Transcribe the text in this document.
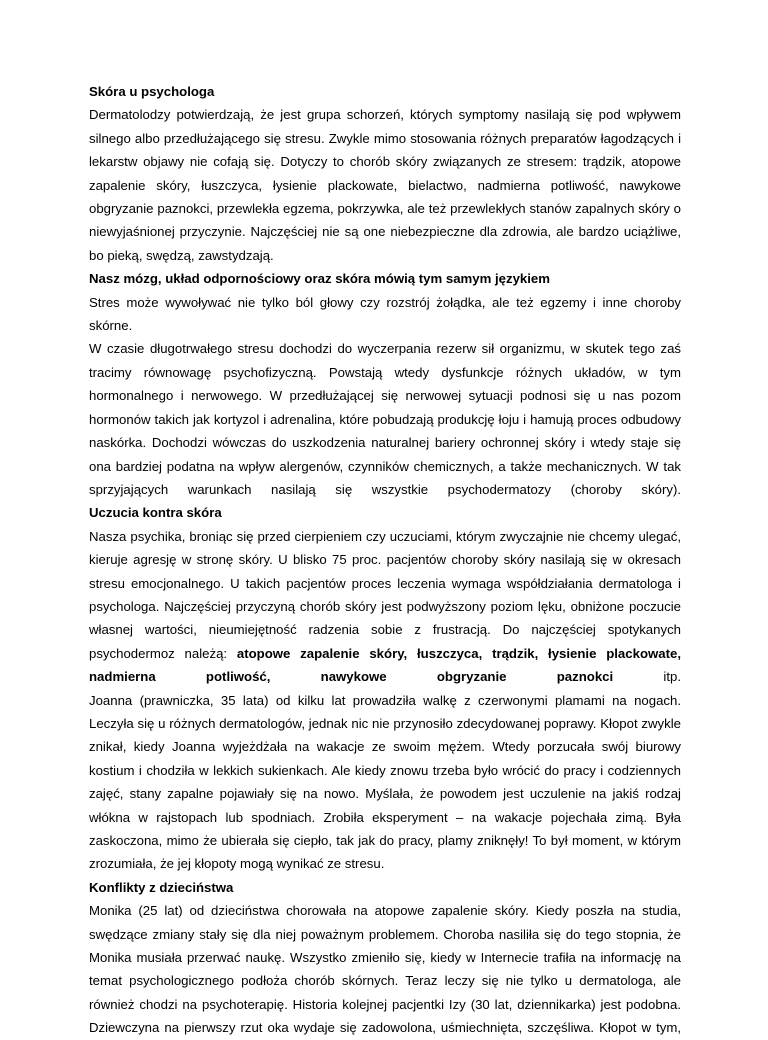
Skóra u psychologa
Dermatolodzy potwierdzają, że jest grupa schorzeń, których symptomy nasilają się pod wpływem silnego albo przedłużającego się stresu. Zwykle mimo stosowania różnych preparatów łagodzących i lekarstw objawy nie cofają się. Dotyczy to chorób skóry związanych ze stresem: trądzik, atopowe zapalenie skóry, łuszczyca, łysienie plackowate, bielactwo, nadmierna potliwość, nawykowe obgryzanie paznokci, przewlekła egzema, pokrzywka, ale też przewlekłych stanów zapalnych skóry o niewyjaśnionej przyczynie. Najczęściej nie są one niebezpieczne dla zdrowia, ale bardzo uciążliwe, bo pieką, swędzą, zawstydzają.
Nasz mózg, układ odpornościowy oraz skóra mówią tym samym językiem
Stres może wywoływać nie tylko ból głowy czy rozstrój żołądka, ale też egzemy i inne choroby skórne.
W czasie długotrwałego stresu dochodzi do wyczerpania rezerw sił organizmu, w skutek tego zaś tracimy równowagę psychofizyczną. Powstają wtedy dysfunkcje różnych układów, w tym hormonalnego i nerwowego. W przedłużającej się nerwowej sytuacji podnosi się u nas pozom hormonów takich jak kortyzol i adrenalina, które pobudzają produkcję łoju i hamują proces odbudowy naskórka. Dochodzi wówczas do uszkodzenia naturalnej bariery ochronnej skóry i wtedy staje się ona bardziej podatna na wpływ alergenów, czynników chemicznych, a także mechanicznych. W tak sprzyjających warunkach nasilają się wszystkie psychodermatozy (choroby skóry).
Uczucia kontra skóra
Nasza psychika, broniąc się przed cierpieniem czy uczuciami, którym zwyczajnie nie chcemy ulegać, kieruje agresję w stronę skóry. U blisko 75 proc. pacjentów choroby skóry nasilają się w okresach stresu emocjonalnego. U takich pacjentów proces leczenia wymaga współdziałania dermatologa i psychologa. Najczęściej przyczyną chorób skóry jest podwyższony poziom lęku, obniżone poczucie własnej wartości, nieumiejętność radzenia sobie z frustracją. Do najczęściej spotykanych psychodermoz należą: atopowe zapalenie skóry, łuszczyca, trądzik, łysienie plackowate, nadmierna potliwość, nawykowe obgryzanie paznokci itp.
Joanna (prawniczka, 35 lata) od kilku lat prowadziła walkę z czerwonymi plamami na nogach. Leczyła się u różnych dermatologów, jednak nic nie przynosiło zdecydowanej poprawy. Kłopot zwykle znikał, kiedy Joanna wyjeżdżała na wakacje ze swoim mężem. Wtedy porzucała swój biurowy kostium i chodziła w lekkich sukienkach. Ale kiedy znowu trzeba było wrócić do pracy i codziennych zajęć, stany zapalne pojawiały się na nowo. Myślała, że powodem jest uczulenie na jakiś rodzaj włókna w rajstopach lub spodniach. Zrobiła eksperyment – na wakacje pojechała zimą. Była zaskoczona, mimo że ubierała się ciepło, tak jak do pracy, plamy zniknęły! To był moment, w którym zrozumiała, że jej kłopoty mogą wynikać ze stresu.
Konflikty z dzieciństwa
Monika (25 lat) od dzieciństwa chorowała na atopowe zapalenie skóry. Kiedy poszła na studia, swędzące zmiany stały się dla niej poważnym problemem. Choroba nasiliła się do tego stopnia, że Monika musiała przerwać naukę. Wszystko zmieniło się, kiedy w Internecie trafiła na informację na temat psychologicznego podłoża chorób skórnych. Teraz leczy się nie tylko u dermatologa, ale również chodzi na psychoterapię. Historia kolejnej pacjentki Izy (30 lat, dziennikarka) jest podobna. Dziewczyna na pierwszy rzut oka wydaje się zadowolona, uśmiechnięta, szczęśliwa. Kłopot w tym,
